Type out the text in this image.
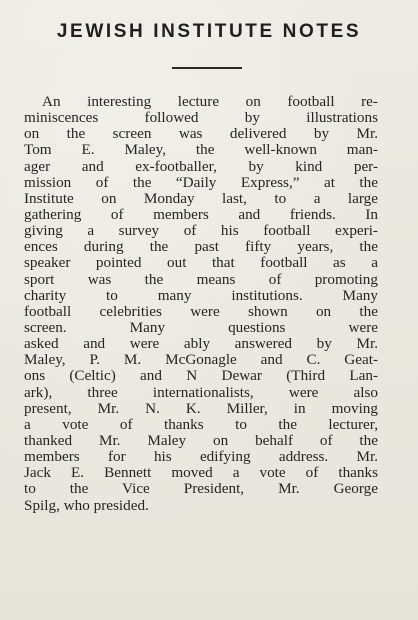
JEWISH INSTITUTE NOTES
An interesting lecture on football re-
miniscences followed by illustrations
on the screen was delivered by Mr.
Tom E. Maley, the well-known man-
ager and ex-footballer, by kind per-
mission of the “Daily Express,” at the
Institute on Monday last, to a large
gathering of members and friends. In
giving a survey of his football experi-
ences during the past fifty years, the
speaker pointed out that football as a
sport was the means of promoting
charity to many institutions. Many
football celebrities were shown on the
screen. Many questions were
asked and were ably answered by Mr.
Maley, P. M. McGonagle and C. Geat-
ons (Celtic) and N Dewar (Third Lan-
ark), three internationalists, were also
present, Mr. N. K. Miller, in moving
a vote of thanks to the lecturer,
thanked Mr. Maley on behalf of the
members for his edifying address. Mr.
Jack E. Bennett moved a vote of thanks
to the Vice President, Mr. George
Spilg, who presided.
